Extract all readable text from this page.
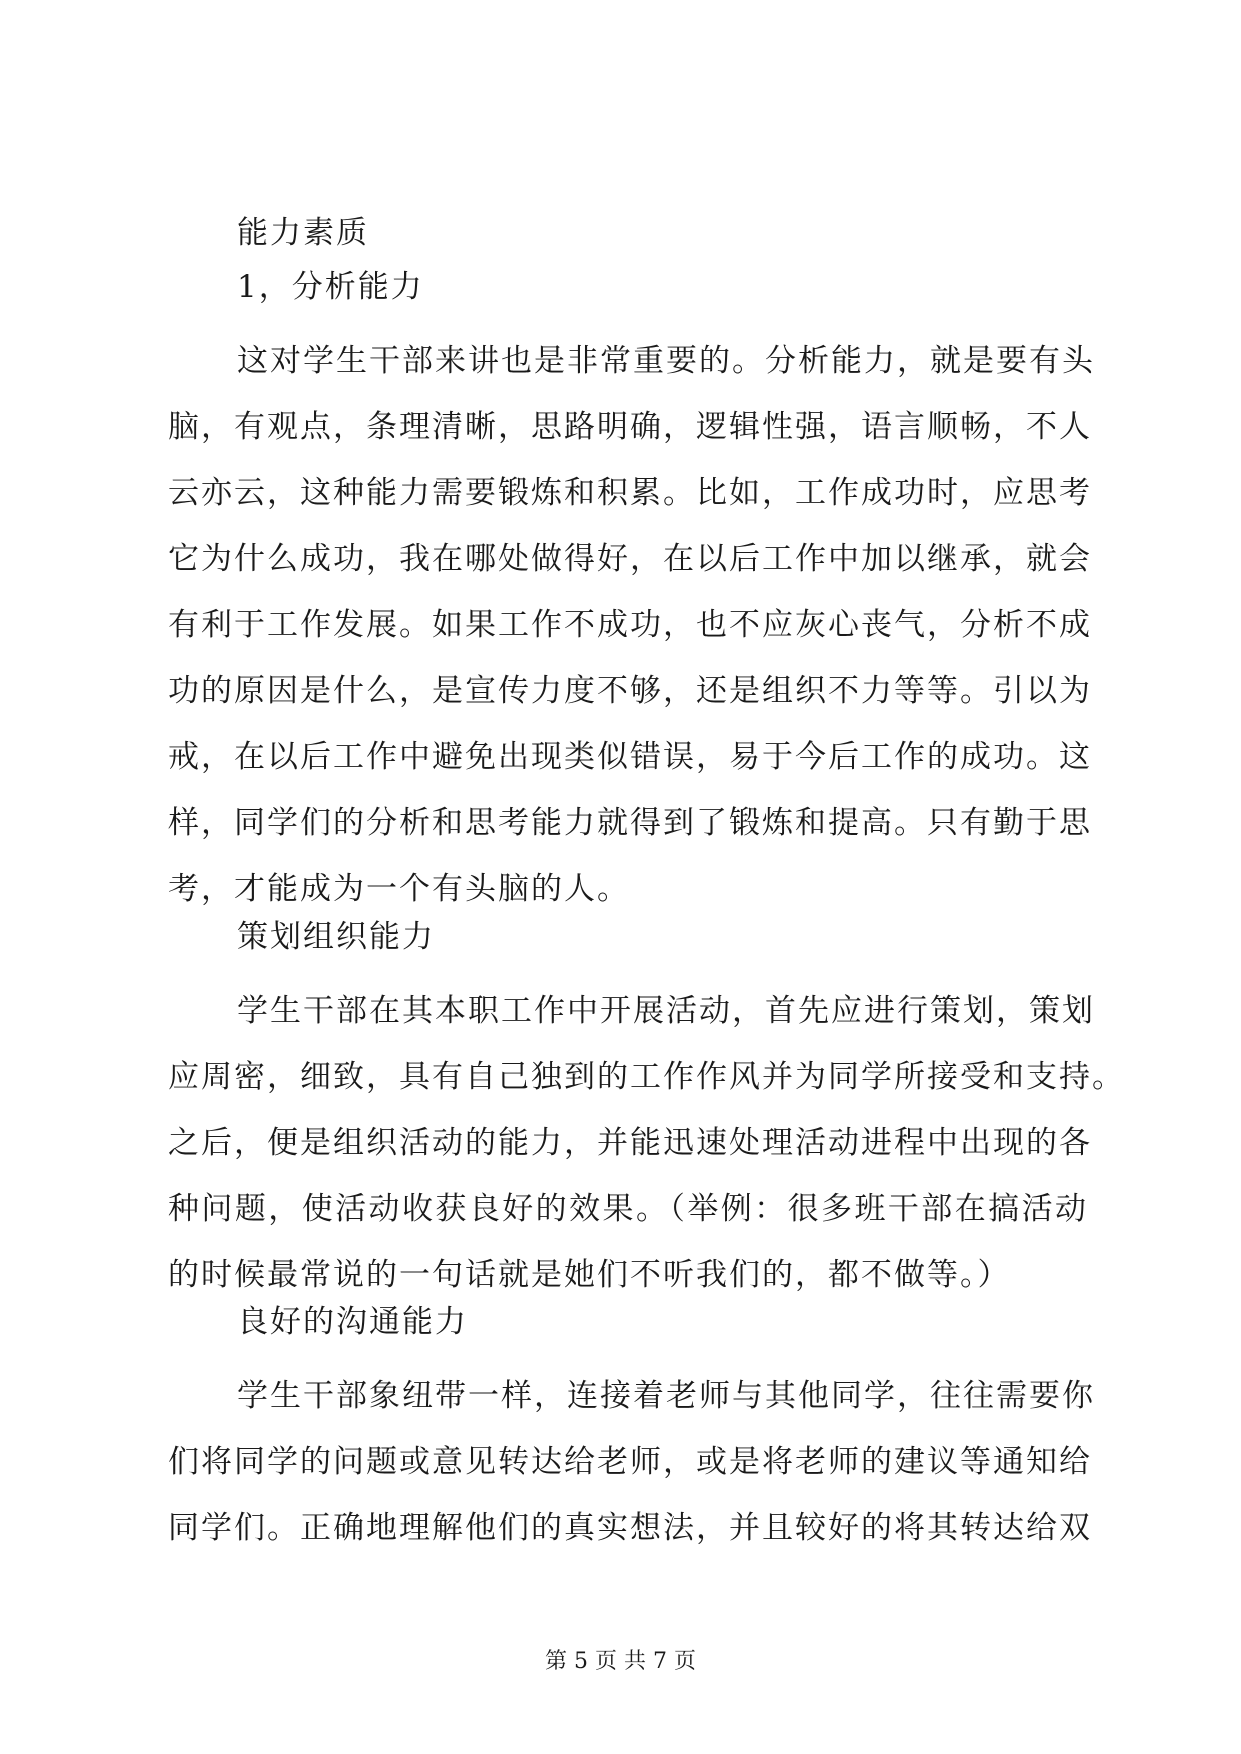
能力素质
1，分析能力
这对学生干部来讲也是非常重要的。分析能力，就是要有头
脑，有观点，条理清晰，思路明确，逻辑性强，语言顺畅，不人
云亦云，这种能力需要锻炼和积累。比如，工作成功时，应思考
它为什么成功，我在哪处做得好，在以后工作中加以继承，就会
有利于工作发展。如果工作不成功，也不应灰心丧气，分析不成
功的原因是什么，是宣传力度不够，还是组织不力等等。引以为
戒，在以后工作中避免出现类似错误，易于今后工作的成功。这
样，同学们的分析和思考能力就得到了锻炼和提高。只有勤于思
考，才能成为一个有头脑的人。
策划组织能力
学生干部在其本职工作中开展活动，首先应进行策划，策划
应周密，细致，具有自己独到的工作作风并为同学所接受和支持。
之后，便是组织活动的能力，并能迅速处理活动进程中出现的各
种问题，使活动收获良好的效果。（举例：很多班干部在搞活动
的时候最常说的一句话就是她们不听我们的，都不做等。）
良好的沟通能力
学生干部象纽带一样，连接着老师与其他同学，往往需要你
们将同学的问题或意见转达给老师，或是将老师的建议等通知给
同学们。正确地理解他们的真实想法，并且较好的将其转达给双
第 5 页 共 7 页
